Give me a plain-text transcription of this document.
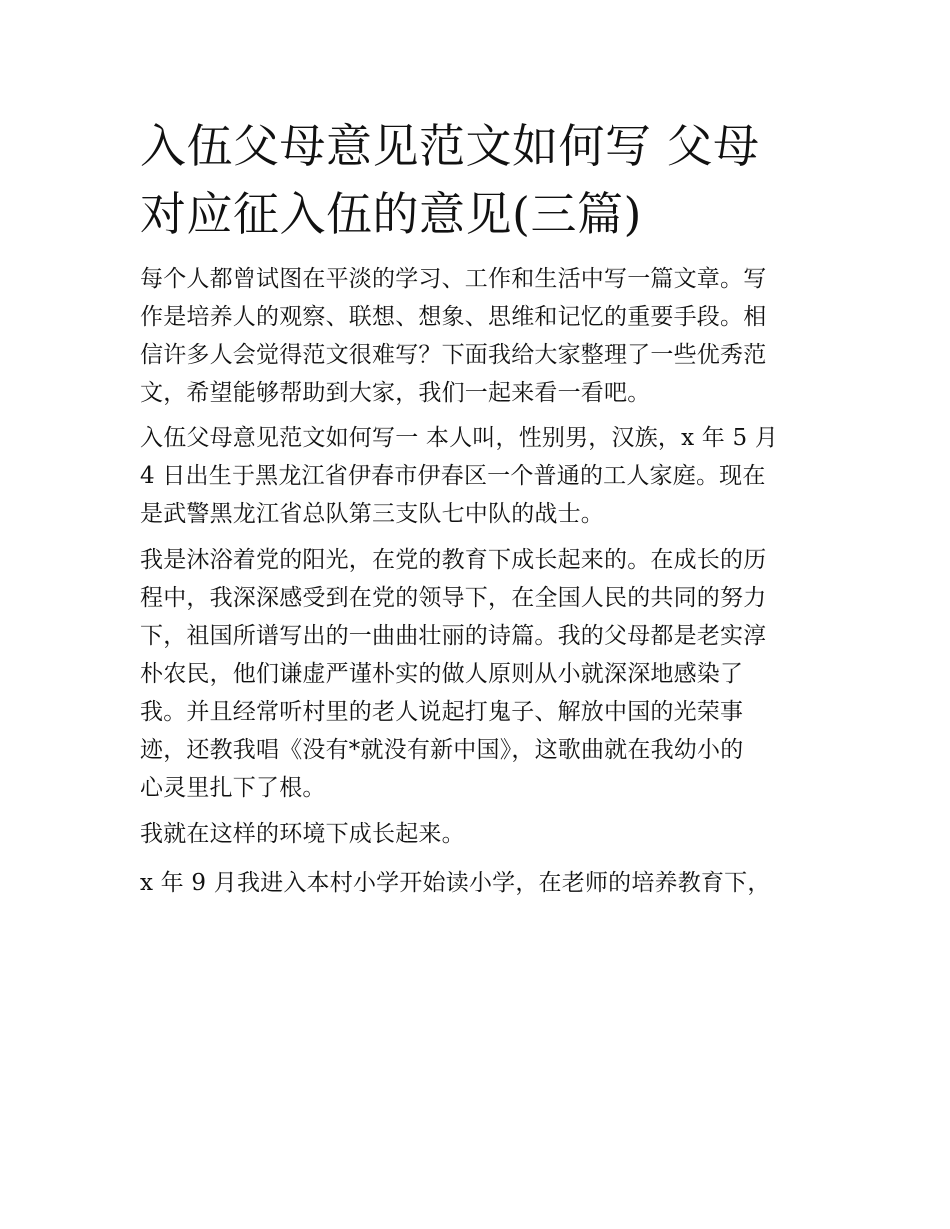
入伍父母意见范文如何写 父母
对应征入伍的意见(三篇)

每个人都曾试图在平淡的学习、工作和生活中写一篇文章。写
作是培养人的观察、联想、想象、思维和记忆的重要手段。相
信许多人会觉得范文很难写？下面我给大家整理了一些优秀范
文，希望能够帮助到大家，我们一起来看一看吧。

入伍父母意见范文如何写一 本人叫，性别男，汉族，x 年 5 月
4 日出生于黑龙江省伊春市伊春区一个普通的工人家庭。现在
是武警黑龙江省总队第三支队七中队的战士。

我是沐浴着党的阳光，在党的教育下成长起来的。在成长的历
程中，我深深感受到在党的领导下，在全国人民的共同的努力
下，祖国所谱写出的一曲曲壮丽的诗篇。我的父母都是老实淳
朴农民，他们谦虚严谨朴实的做人原则从小就深深地感染了
我。并且经常听村里的老人说起打鬼子、解放中国的光荣事
迹，还教我唱《没有*就没有新中国》，这歌曲就在我幼小的
心灵里扎下了根。

我就在这样的环境下成长起来。

x 年 9 月我进入本村小学开始读小学，在老师的培养教育下，
